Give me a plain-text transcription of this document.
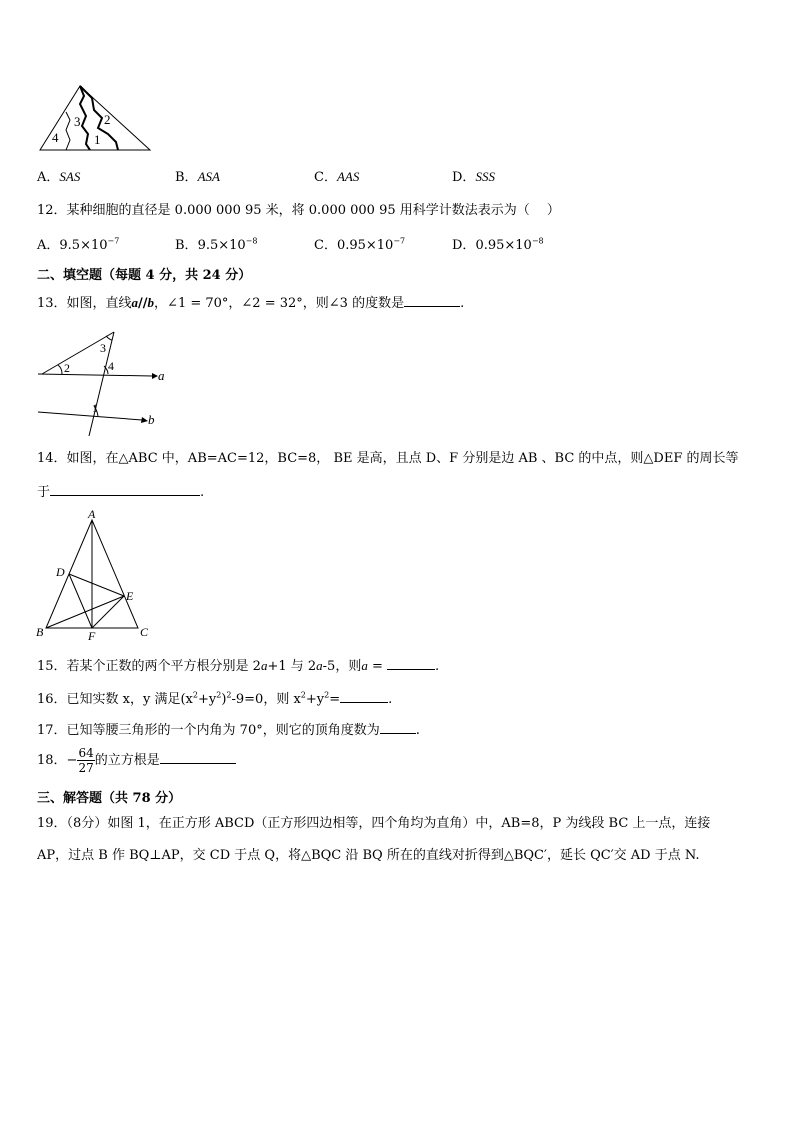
4
3 2
1
A．SAS	B．ASA	C．AAS	D．SSS
12．某种细胞的直径是 0.000 000 95 米，将 0.000 000 95 用科学计数法表示为（　 ）
A．$9.5\times 10^{-7}$	B．$9.5\times 10^{-8}$	C．$0.95\times 10^{-7}$	D．$0.95\times 10^{-8}$
二、填空题（每题 4 分，共 24 分）
13．如图，直线a//b，∠1 = 70°，∠2 = 32°，则∠3 的度数是	.
2
3
4
1
a
b
14．如图，在△ABC 中，AB=AC=12，BC=8， BE 是高，且点 D、F 分别是边 AB 、BC 的中点，则△DEF 的周长等
于	.
A
B	C
D
E
F
15．若某个正数的两个平方根分别是 2a+1 与 2a-5，则a =	.
16．已知实数 x，y 满足$(x^2+y^2)^2-9=0$，则 $x^2+y^2=$	.
17．已知等腰三角形的一个内角为 70°，则它的顶角度数为	.
18．− $\frac{64}{27}$ 的立方根是
三、解答题（共 78 分）
19．（8分）如图 1，在正方形 ABCD（正方形四边相等，四个角均为直角）中，AB=8，P 为线段 BC 上一点，连接
AP，过点 B 作 BQ⊥AP，交 CD 于点 Q，将△BQC 沿 BQ 所在的直线对折得到△BQC′，延长 QC′交 AD 于点 N.
